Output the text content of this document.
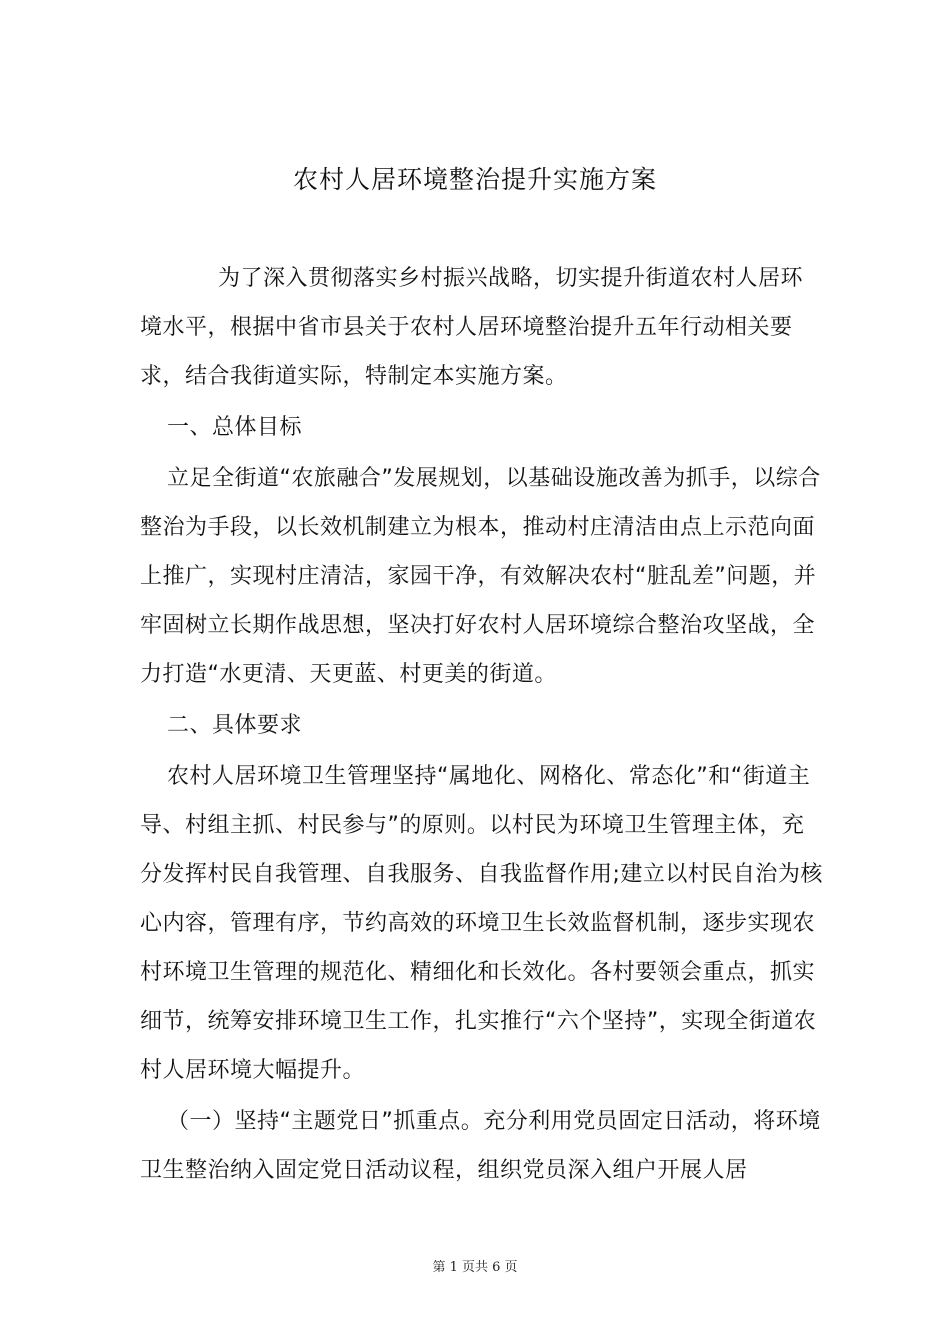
农村人居环境整治提升实施方案

为了深入贯彻落实乡村振兴战略，切实提升街道农村人居环境水平，根据中省市县关于农村人居环境整治提升五年行动相关要求，结合我街道实际，特制定本实施方案。

一、总体目标

立足全街道“农旅融合”发展规划，以基础设施改善为抓手，以综合整治为手段，以长效机制建立为根本，推动村庄清洁由点上示范向面上推广，实现村庄清洁，家园干净，有效解决农村“脏乱差”问题，并牢固树立长期作战思想，坚决打好农村人居环境综合整治攻坚战，全力打造“水更清、天更蓝、村更美的街道。

二、具体要求

农村人居环境卫生管理坚持“属地化、网格化、常态化”和“街道主导、村组主抓、村民参与”的原则。以村民为环境卫生管理主体，充分发挥村民自我管理、自我服务、自我监督作用;建立以村民自治为核心内容，管理有序，节约高效的环境卫生长效监督机制，逐步实现农村环境卫生管理的规范化、精细化和长效化。各村要领会重点，抓实细节，统筹安排环境卫生工作，扎实推行“六个坚持”，实现全街道农村人居环境大幅提升。

（一）坚持“主题党日”抓重点。充分利用党员固定日活动，将环境卫生整治纳入固定党日活动议程，组织党员深入组户开展人居

第 1 页共 6 页
